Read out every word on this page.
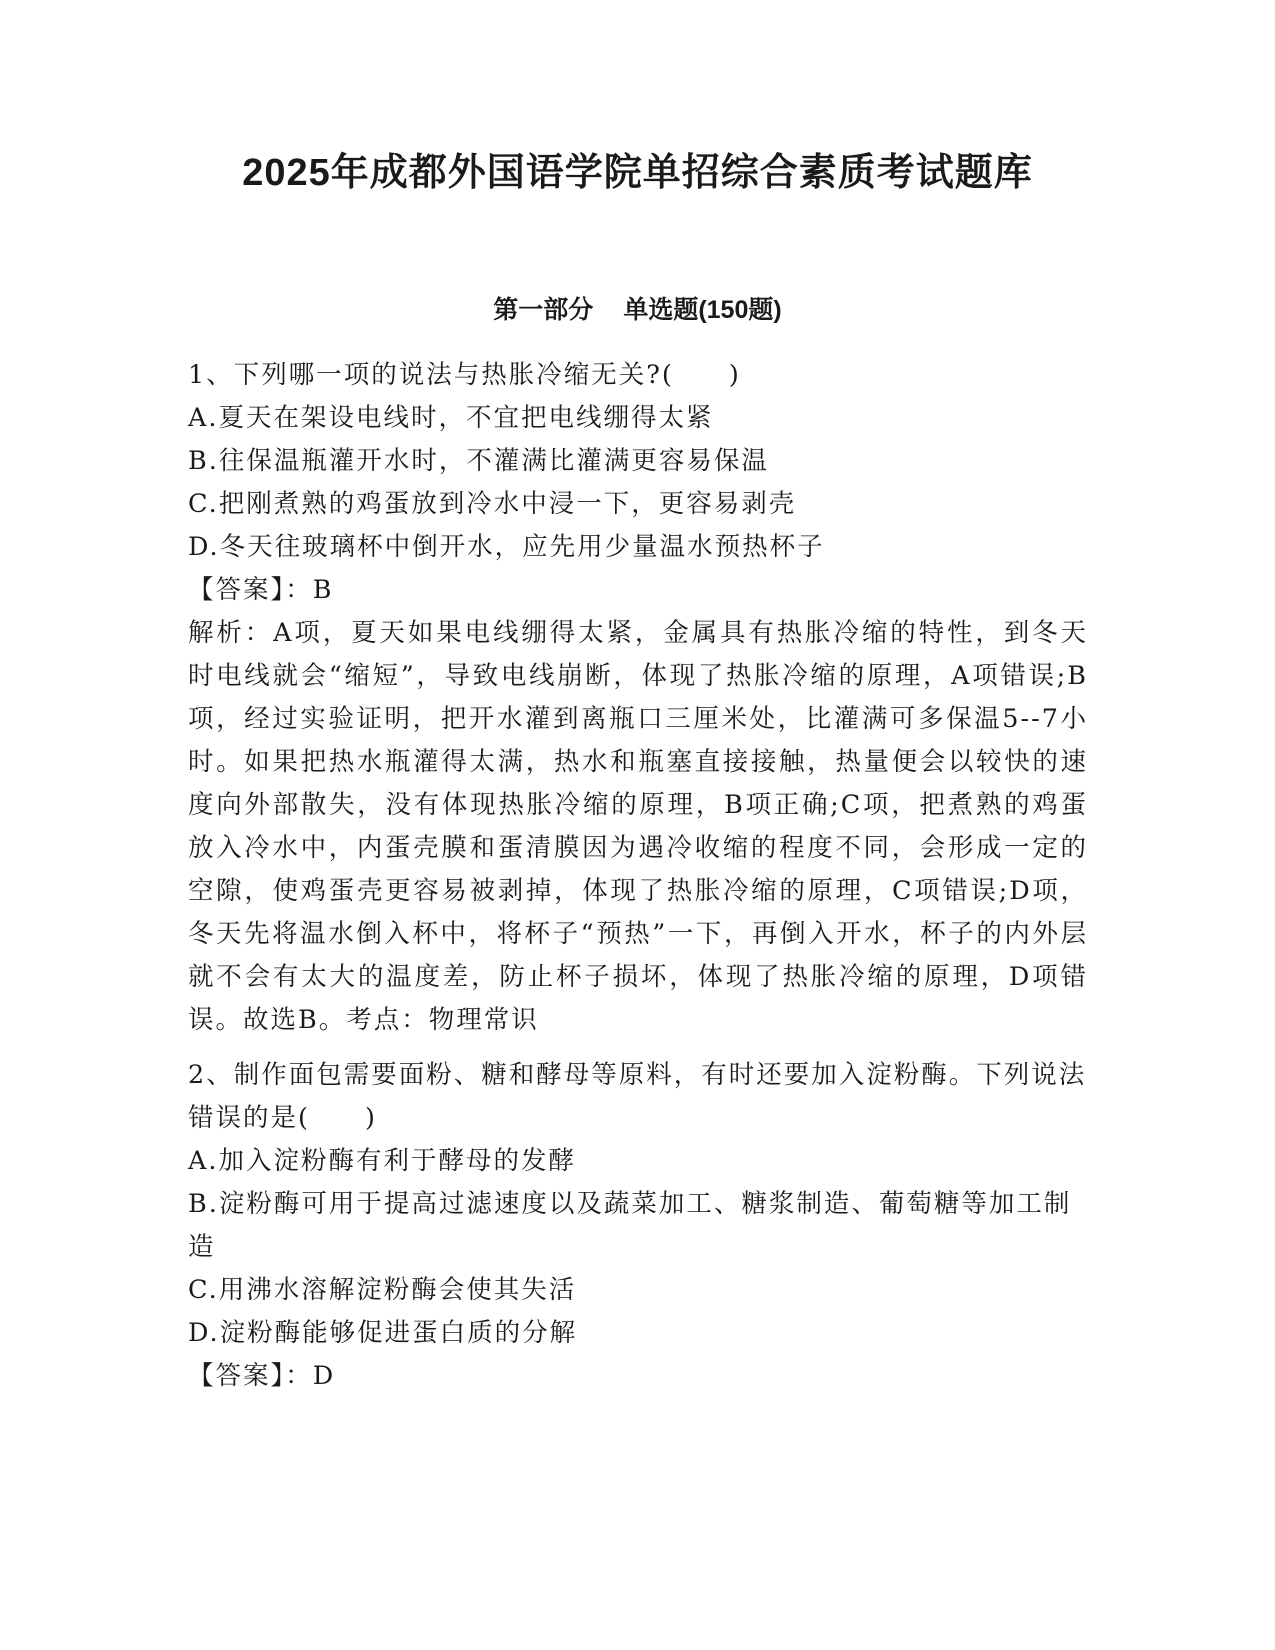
2025年成都外国语学院单招综合素质考试题库
第一部分 单选题(150题)

1、下列哪一项的说法与热胀冷缩无关?(　　)

A.夏天在架设电线时，不宜把电线绷得太紧

B.往保温瓶灌开水时，不灌满比灌满更容易保温

C.把刚煮熟的鸡蛋放到冷水中浸一下，更容易剥壳

D.冬天往玻璃杯中倒开水，应先用少量温水预热杯子

【答案】：B

解析：A项，夏天如果电线绷得太紧，金属具有热胀冷缩的特性，到冬天时电线就会“缩短”，导致电线崩断，体现了热胀冷缩的原理，A项错误;B项，经过实验证明，把开水灌到离瓶口三厘米处，比灌满可多保温5--7小时。如果把热水瓶灌得太满，热水和瓶塞直接接触，热量便会以较快的速度向外部散失，没有体现热胀冷缩的原理，B项正确;C项，把煮熟的鸡蛋放入冷水中，内蛋壳膜和蛋清膜因为遇冷收缩的程度不同，会形成一定的空隙，使鸡蛋壳更容易被剥掉，体现了热胀冷缩的原理，C项错误;D项，冬天先将温水倒入杯中，将杯子“预热”一下，再倒入开水，杯子的内外层就不会有太大的温度差，防止杯子损坏，体现了热胀冷缩的原理，D项错误。故选B。考点：物理常识

2、制作面包需要面粉、糖和酵母等原料，有时还要加入淀粉酶。下列说法错误的是(　　)

A.加入淀粉酶有利于酵母的发酵

B.淀粉酶可用于提高过滤速度以及蔬菜加工、糖浆制造、葡萄糖等加工制造

C.用沸水溶解淀粉酶会使其失活

D.淀粉酶能够促进蛋白质的分解

【答案】：D
